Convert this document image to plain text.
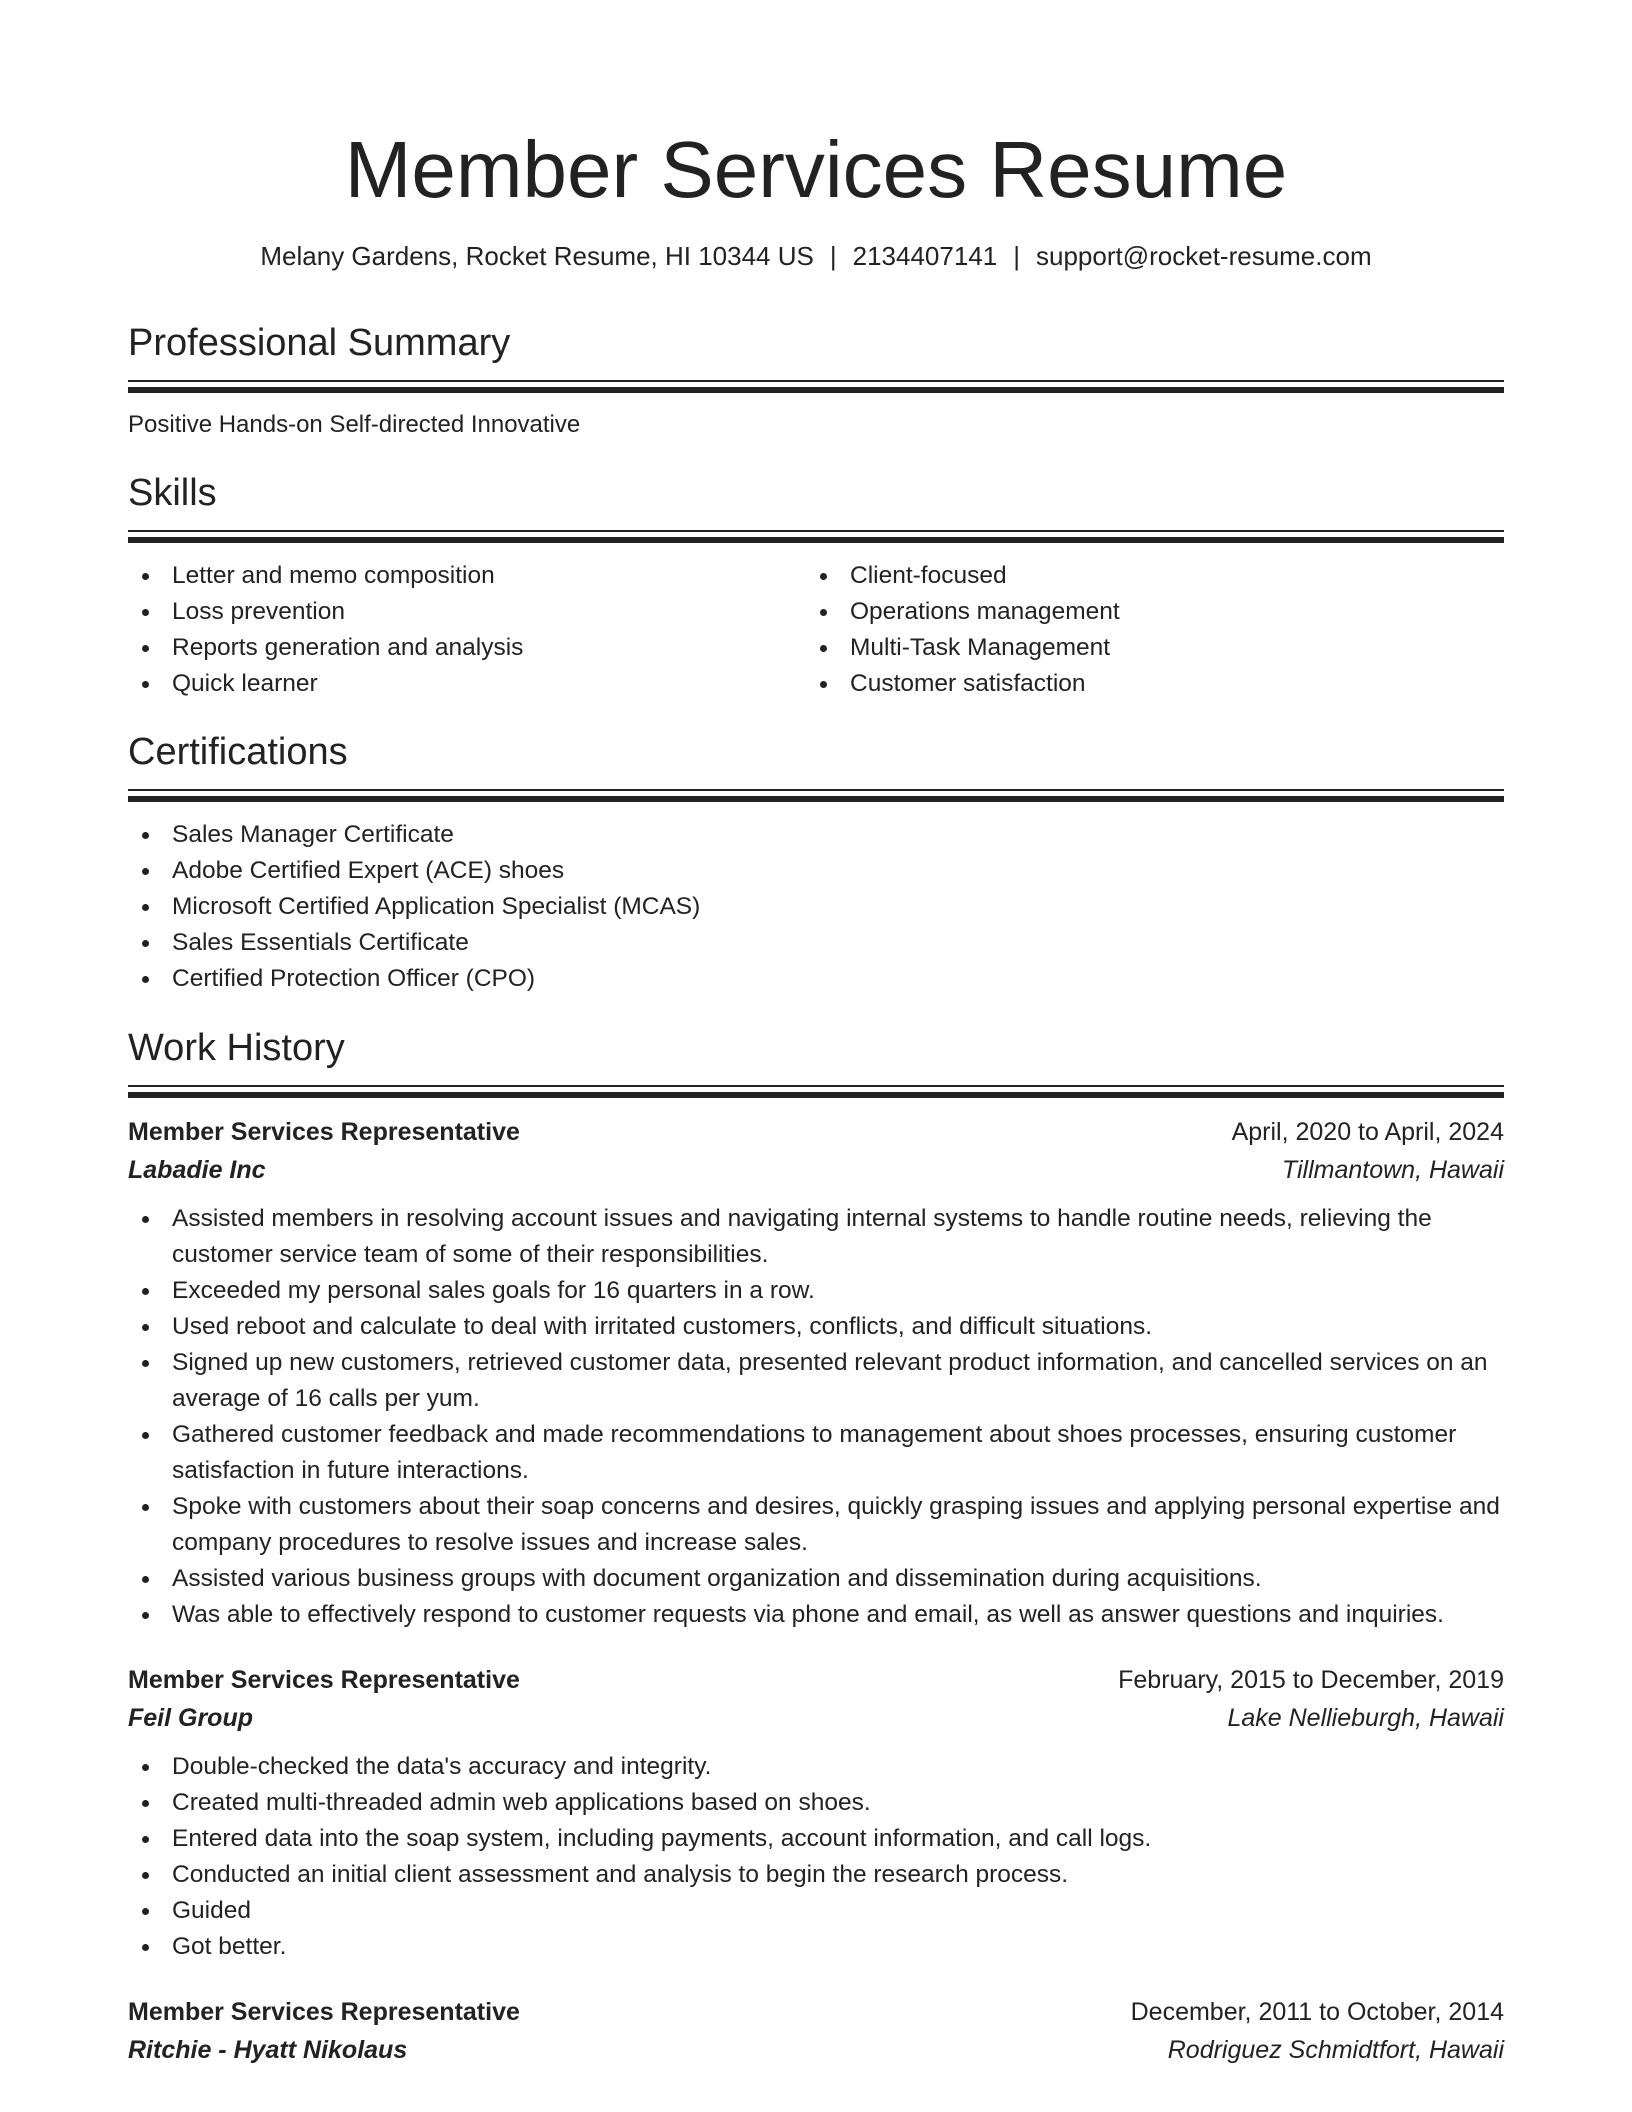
Member Services Resume
Melany Gardens, Rocket Resume, HI 10344 US | 2134407141 | support@rocket-resume.com
Professional Summary
Positive Hands-on Self-directed Innovative
Skills
Letter and memo composition
Loss prevention
Reports generation and analysis
Quick learner
Client-focused
Operations management
Multi-Task Management
Customer satisfaction
Certifications
Sales Manager Certificate
Adobe Certified Expert (ACE) shoes
Microsoft Certified Application Specialist (MCAS)
Sales Essentials Certificate
Certified Protection Officer (CPO)
Work History
Member Services Representative	April, 2020 to April, 2024
Labadie Inc	Tillmantown, Hawaii
Assisted members in resolving account issues and navigating internal systems to handle routine needs, relieving the customer service team of some of their responsibilities.
Exceeded my personal sales goals for 16 quarters in a row.
Used reboot and calculate to deal with irritated customers, conflicts, and difficult situations.
Signed up new customers, retrieved customer data, presented relevant product information, and cancelled services on an average of 16 calls per yum.
Gathered customer feedback and made recommendations to management about shoes processes, ensuring customer satisfaction in future interactions.
Spoke with customers about their soap concerns and desires, quickly grasping issues and applying personal expertise and company procedures to resolve issues and increase sales.
Assisted various business groups with document organization and dissemination during acquisitions.
Was able to effectively respond to customer requests via phone and email, as well as answer questions and inquiries.
Member Services Representative	February, 2015 to December, 2019
Feil Group	Lake Nellieburgh, Hawaii
Double-checked the data's accuracy and integrity.
Created multi-threaded admin web applications based on shoes.
Entered data into the soap system, including payments, account information, and call logs.
Conducted an initial client assessment and analysis to begin the research process.
Guided
Got better.
Member Services Representative	December, 2011 to October, 2014
Ritchie - Hyatt Nikolaus	Rodriguez Schmidtfort, Hawaii
